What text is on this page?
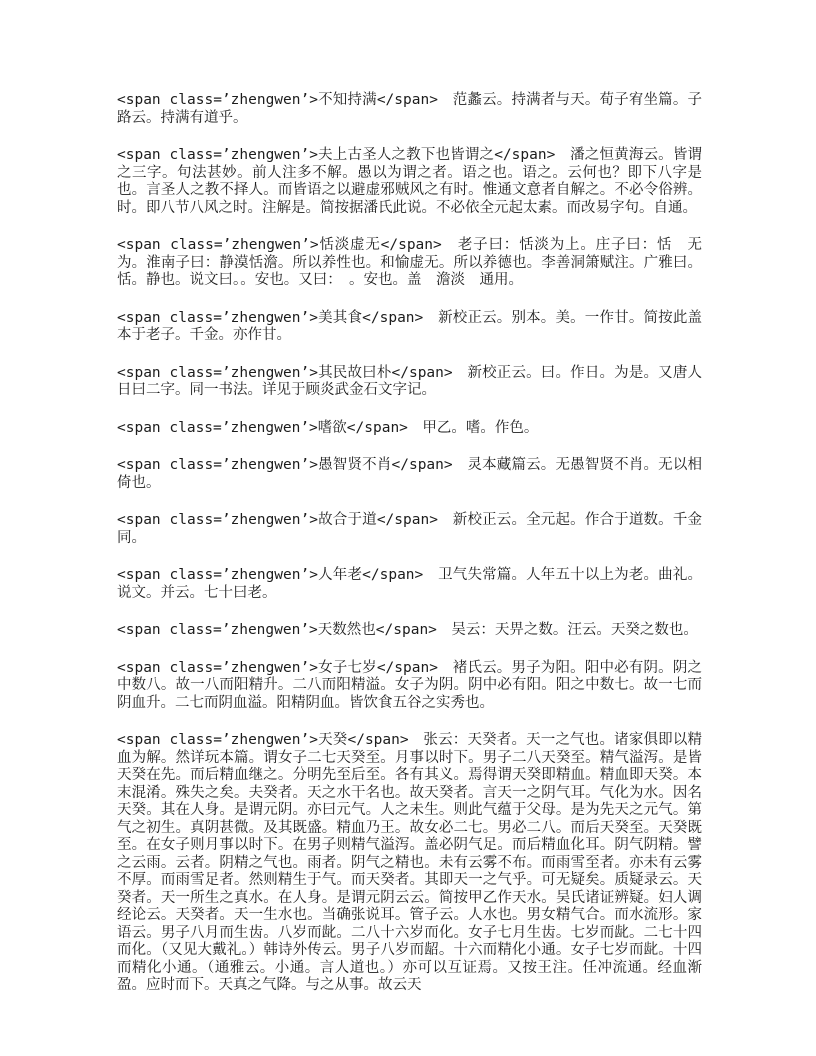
<span class=’zhengwen’>不知持满</span>　范蠡云。持满者与天。荀子宥坐篇。子路云。持满有道乎。

<span class=’zhengwen’>夫上古圣人之教下也皆谓之</span>　潘之恒黄海云。皆谓之三字。句法甚妙。前人注多不解。愚以为谓之者。语之也。语之。云何也？即下八字是也。言圣人之教不择人。而皆语之以避虚邪贼风之有时。惟通文意者自解之。不必令俗辨。时。即八节八风之时。注解是。简按据潘氏此说。不必依全元起太素。而改易字句。自通。

<span class=’zhengwen’>恬淡虚无</span>　老子曰：恬淡为上。庄子曰：恬　无为。淮南子曰：静漠恬澹。所以养性也。和愉虚无。所以养德也。李善洞箫赋注。广雅曰。恬。静也。说文曰。。安也。又曰：　。安也。盖　澹淡　通用。

<span class=’zhengwen’>美其食</span>　新校正云。别本。美。一作甘。简按此盖本于老子。千金。亦作甘。

<span class=’zhengwen’>其民故曰朴</span>　新校正云。曰。作日。为是。又唐人日曰二字。同一书法。详见于顾炎武金石文字记。

<span class=’zhengwen’>嗜欲</span>　甲乙。嗜。作色。

<span class=’zhengwen’>愚智贤不肖</span>　灵本藏篇云。无愚智贤不肖。无以相倚也。

<span class=’zhengwen’>故合于道</span>　新校正云。全元起。作合于道数。千金同。

<span class=’zhengwen’>人年老</span>　卫气失常篇。人年五十以上为老。曲礼。说文。并云。七十曰老。

<span class=’zhengwen’>天数然也</span>　吴云：天畀之数。汪云。天癸之数也。

<span class=’zhengwen’>女子七岁</span>　褚氏云。男子为阳。阳中必有阴。阴之中数八。故一八而阳精升。二八而阳精溢。女子为阴。阴中必有阳。阳之中数七。故一七而阴血升。二七而阴血溢。阳精阴血。皆饮食五谷之实秀也。

<span class=’zhengwen’>天癸</span>　张云：天癸者。天一之气也。诸家俱即以精血为解。然详玩本篇。谓女子二七天癸至。月事以时下。男子二八天癸至。精气溢泻。是皆天癸在先。而后精血继之。分明先至后至。各有其义。焉得谓天癸即精血。精血即天癸。本末混淆。殊失之矣。夫癸者。天之水干名也。故天癸者。言天一之阴气耳。气化为水。因名天癸。其在人身。是谓元阴。亦曰元气。人之未生。则此气蕴于父母。是为先天之元气。第气之初生。真阴甚微。及其既盛。精血乃王。故女必二七。男必二八。而后天癸至。天癸既至。在女子则月事以时下。在男子则精气溢泻。盖必阴气足。而后精血化耳。阴气阴精。譬之云雨。云者。阴精之气也。雨者。阴气之精也。未有云雾不布。而雨雪至者。亦未有云雾不厚。而雨雪足者。然则精生于气。而天癸者。其即天一之气乎。可无疑矣。质疑录云。天癸者。天一所生之真水。在人身。是谓元阴云云。简按甲乙作天水。吴氏诸证辨疑。妇人调经论云。天癸者。天一生水也。当确张说耳。管子云。人水也。男女精气合。而水流形。家语云。男子八月而生齿。八岁而龀。二八十六岁而化。女子七月生齿。七岁而龀。二七十四而化。（又见大戴礼。）韩诗外传云。男子八岁而龆。十六而精化小通。女子七岁而龀。十四而精化小通。（通雅云。小通。言人道也。）亦可以互证焉。又按王注。任冲流通。经血渐盈。应时而下。天真之气降。与之从事。故云天
